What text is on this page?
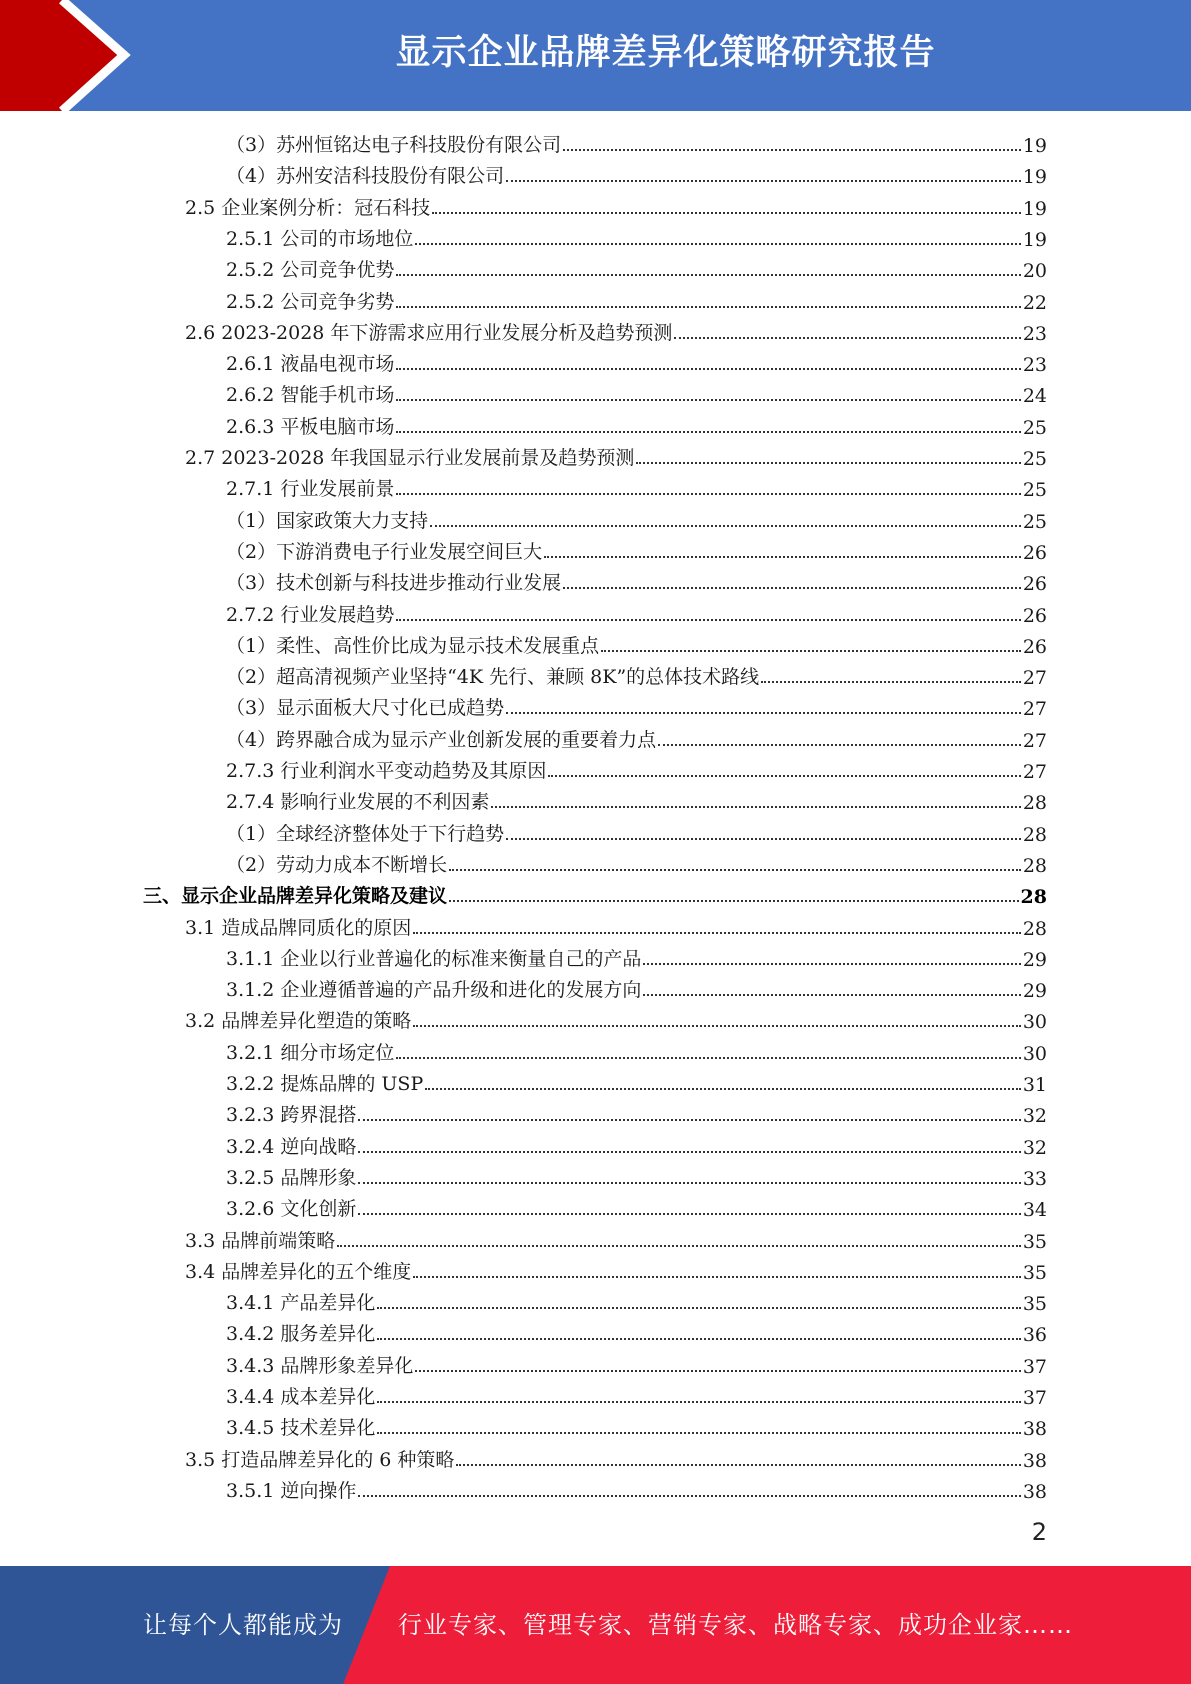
显示企业品牌差异化策略研究报告
（3）苏州恒铭达电子科技股份有限公司	19
（4）苏州安洁科技股份有限公司	19
2.5 企业案例分析：冠石科技	19
2.5.1 公司的市场地位	19
2.5.2 公司竞争优势	20
2.5.2 公司竞争劣势	22
2.6 2023-2028 年下游需求应用行业发展分析及趋势预测	23
2.6.1 液晶电视市场	23
2.6.2 智能手机市场	24
2.6.3 平板电脑市场	25
2.7 2023-2028 年我国显示行业发展前景及趋势预测	25
2.7.1 行业发展前景	25
（1）国家政策大力支持	25
（2）下游消费电子行业发展空间巨大	26
（3）技术创新与科技进步推动行业发展	26
2.7.2 行业发展趋势	26
（1）柔性、高性价比成为显示技术发展重点	26
（2）超高清视频产业坚持“4K 先行、兼顾 8K”的总体技术路线	27
（3）显示面板大尺寸化已成趋势	27
（4）跨界融合成为显示产业创新发展的重要着力点	27
2.7.3 行业利润水平变动趋势及其原因	27
2.7.4 影响行业发展的不利因素	28
（1）全球经济整体处于下行趋势	28
（2）劳动力成本不断增长	28
三、显示企业品牌差异化策略及建议	28
3.1 造成品牌同质化的原因	28
3.1.1 企业以行业普遍化的标准来衡量自己的产品	29
3.1.2 企业遵循普遍的产品升级和进化的发展方向	29
3.2 品牌差异化塑造的策略	30
3.2.1 细分市场定位	30
3.2.2 提炼品牌的 USP	31
3.2.3 跨界混搭	32
3.2.4 逆向战略	32
3.2.5 品牌形象	33
3.2.6 文化创新	34
3.3 品牌前端策略	35
3.4 品牌差异化的五个维度	35
3.4.1 产品差异化	35
3.4.2 服务差异化	36
3.4.3 品牌形象差异化	37
3.4.4 成本差异化	37
3.4.5 技术差异化	38
3.5 打造品牌差异化的 6 种策略	38
3.5.1 逆向操作	38
2
让每个人都能成为 行业专家、管理专家、营销专家、战略专家、成功企业家……
